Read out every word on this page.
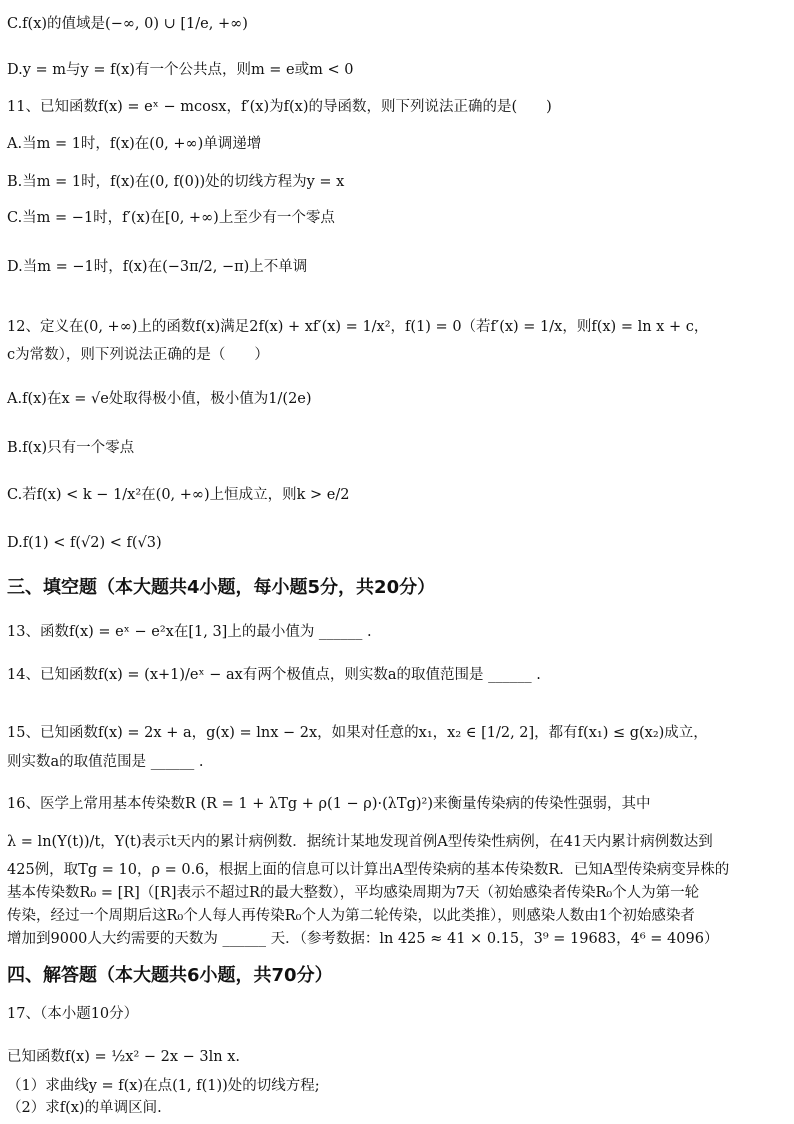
C.f(x)的值域是(−∞, 0) ∪ [1/e, +∞)
D.y = m与y = f(x)有一个公共点，则m = e或m < 0
11、已知函数f(x) = eˣ − mcosx，f′(x)为f(x)的导函数，则下列说法正确的是(　　)
A.当m = 1时，f(x)在(0, +∞)单调递增
B.当m = 1时，f(x)在(0, f(0))处的切线方程为y = x
C.当m = −1时，f′(x)在[0, +∞)上至少有一个零点
D.当m = −1时，f(x)在(−3π/2, −π)上不单调
12、定义在(0, +∞)上的函数f(x)满足2f(x) + xf′(x) = 1/x²，f(1) = 0（若f′(x) = 1/x，则f(x) = ln x + c，
c为常数），则下列说法正确的是（　　）
A.f(x)在x = √e处取得极小值，极小值为1/(2e)
B.f(x)只有一个零点
C.若f(x) < k − 1/x²在(0, +∞)上恒成立，则k > e/2
D.f(1) < f(√2) < f(√3)
三、填空题（本大题共4小题，每小题5分，共20分）
13、函数f(x) = eˣ − e²x在[1, 3]上的最小值为 ______ .
14、已知函数f(x) = (x+1)/eˣ − ax有两个极值点，则实数a的取值范围是 ______ .
15、已知函数f(x) = 2x + a，g(x) = lnx − 2x，如果对任意的x₁，x₂ ∈ [1/2, 2]，都有f(x₁) ≤ g(x₂)成立，
则实数a的取值范围是 ______ .
16、医学上常用基本传染数R (R = 1 + λTg + ρ(1 − ρ)·(λTg)²)来衡量传染病的传染性强弱，其中
λ = ln(Y(t))/t，Y(t)表示t天内的累计病例数．据统计某地发现首例A型传染性病例，在41天内累计病例数达到
425例，取Tg = 10，ρ = 0.6，根据上面的信息可以计算出A型传染病的基本传染数R．已知A型传染病变异株的
基本传染数R₀ = [R]（[R]表示不超过R的最大整数），平均感染周期为7天（初始感染者传染R₀个人为第一轮
传染，经过一个周期后这R₀个人每人再传染R₀个人为第二轮传染，以此类推），则感染人数由1个初始感染者
增加到9000人大约需要的天数为 ______ 天．（参考数据：ln 425 ≈ 41 × 0.15，3⁹ = 19683，4⁶ = 4096）
四、解答题（本大题共6小题，共70分）
17、（本小题10分）
已知函数f(x) = ½x² − 2x − 3ln x.
（1）求曲线y = f(x)在点(1, f(1))处的切线方程;
（2）求f(x)的单调区间.
